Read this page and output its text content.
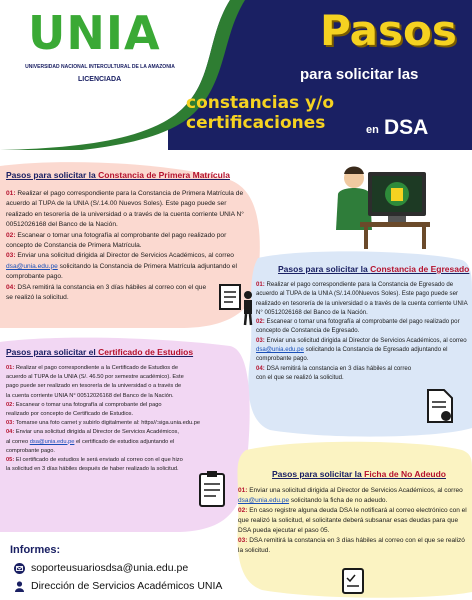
UNIA
UNIVERSIDAD NACIONAL INTERCULTURAL DE LA AMAZONIA
LICENCIADA
Pasos
para solicitar las
constancias y/o certificaciones	en DSA
Pasos para solicitar la Constancia de Primera Matrícula

01: Realizar el pago correspondiente para la Constancia de Primera Matrícula de acuerdo al TUPA de la UNIA (S/.14.00 Nuevos Soles). Este pago puede ser realizado en tesorería de la universidad o a través de la cuenta corriente UNIA N° 00512026168 del Banco de la Nación.

02: Escanear o tomar una fotografía al comprobante del pago realizado por concepto de Constancia de Primera Matrícula.

03: Enviar una solicitud dirigida al Director de Servicios Académicos, al correo dsa@unia.edu.pe solicitando la Constancia de Primera Matrícula adjuntando el comprobante pago.

04: DSA remitirá la constancia en 3 días hábiles al correo con el que se realizó la solicitud.

Pasos para solicitar la Constancia de Egresado

01: Realizar el pago correspondiente para la Constancia de Egresado de acuerdo al TUPA de la UNIA (S/.14.00Nuevos Soles). Este pago puede ser realizado en tesorería de la universidad o a través de la cuenta corriente UNIA N° 00512026168 del Banco de la Nación.

02: Escanear o tomar una fotografía al comprobante del pago realizado por concepto de Constancia de Egresado.

03: Enviar una solicitud dirigida al Director de Servicios Académicos, al correo dsa@unia.edu.pe solicitando la Constancia de Egresado adjuntando el comprobante pago.

04: DSA remitirá la constancia en 3 días hábiles al correo con el que se realizó la solicitud.

Pasos para solicitar el Certificado de Estudios

01: Realizar el pago correspondiente a la Certificado de Estudios de acuerdo al TUPA de la UNIA (S/. 46.50 por semestre académico). Este pago puede ser realizado en tesorería de la universidad o a través de la cuenta corriente UNIA N° 00512026168 del Banco de la Nación.

02: Escanear o tomar una fotografía al comprobante del pago realizado por concepto de Certificado de Estudios.

03: Tomarse una foto carnet y subirlo digitalmente al: https//:siga.unia.edu.pe

04: Enviar una solicitud dirigida al Director de Servicios Académicos, al correo dsa@unia.edu.pe el certificado de estudios adjuntando el comprobante pago.

05: El certificado de estudios le será enviado al correo con el que hizo la solicitud en 3 días hábiles después de haber realizado la solicitud.	Pasos para solicitar la Ficha de No Adeudo

01: Enviar una solicitud dirigida al Director de Servicios Académicos, al correo dsa@unia.edu.pe solicitando la ficha de no adeudo.

02: En caso registre alguna deuda DSA le notificará al correo electrónico con el que realizó la solicitud, el solicitante deberá subsanar esas deudas para que DSA pueda ejecutar el paso 05.

03: DSA remitirá la constancia en 3 días hábiles al correo con el que se realizó la solicitud.

Informes:
soporteusuariosdsa@unia.edu.pe
Dirección de Servicios Académicos UNIA
